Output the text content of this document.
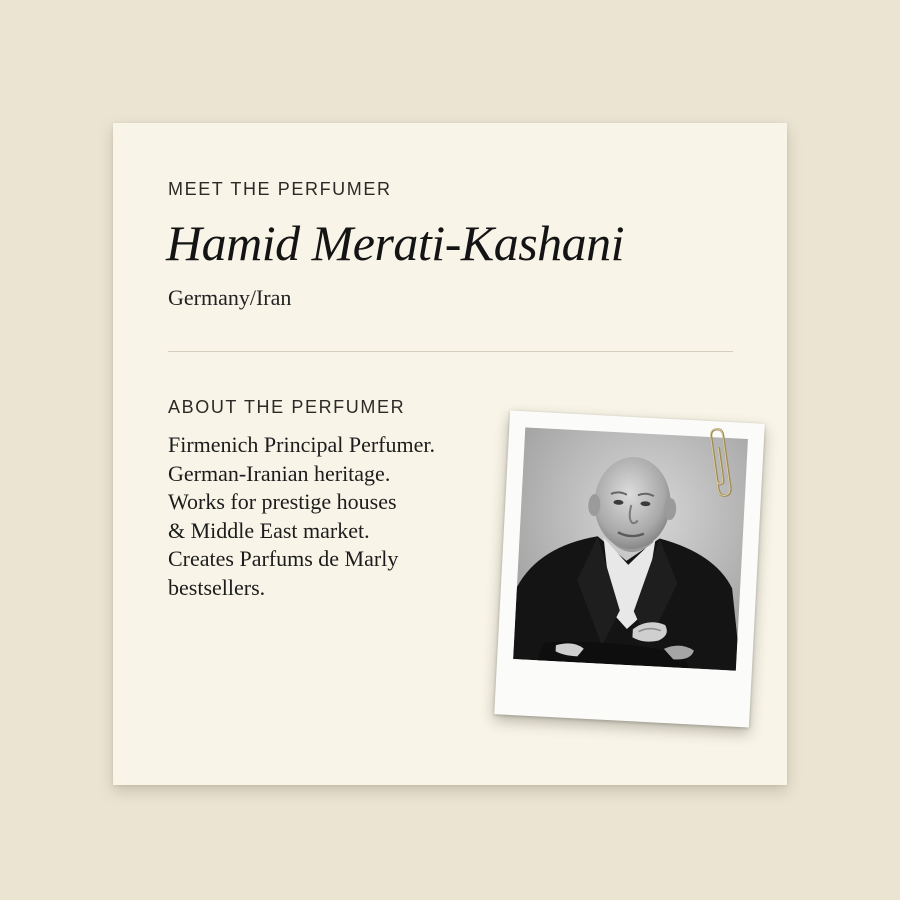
MEET THE PERFUMER

Hamid Merati-Kashani
Germany/Iran

ABOUT THE PERFUMER

Firmenich Principal Perfumer.
German-Iranian heritage.
Works for prestige houses
& Middle East market.
Creates Parfums de Marly
bestsellers.
